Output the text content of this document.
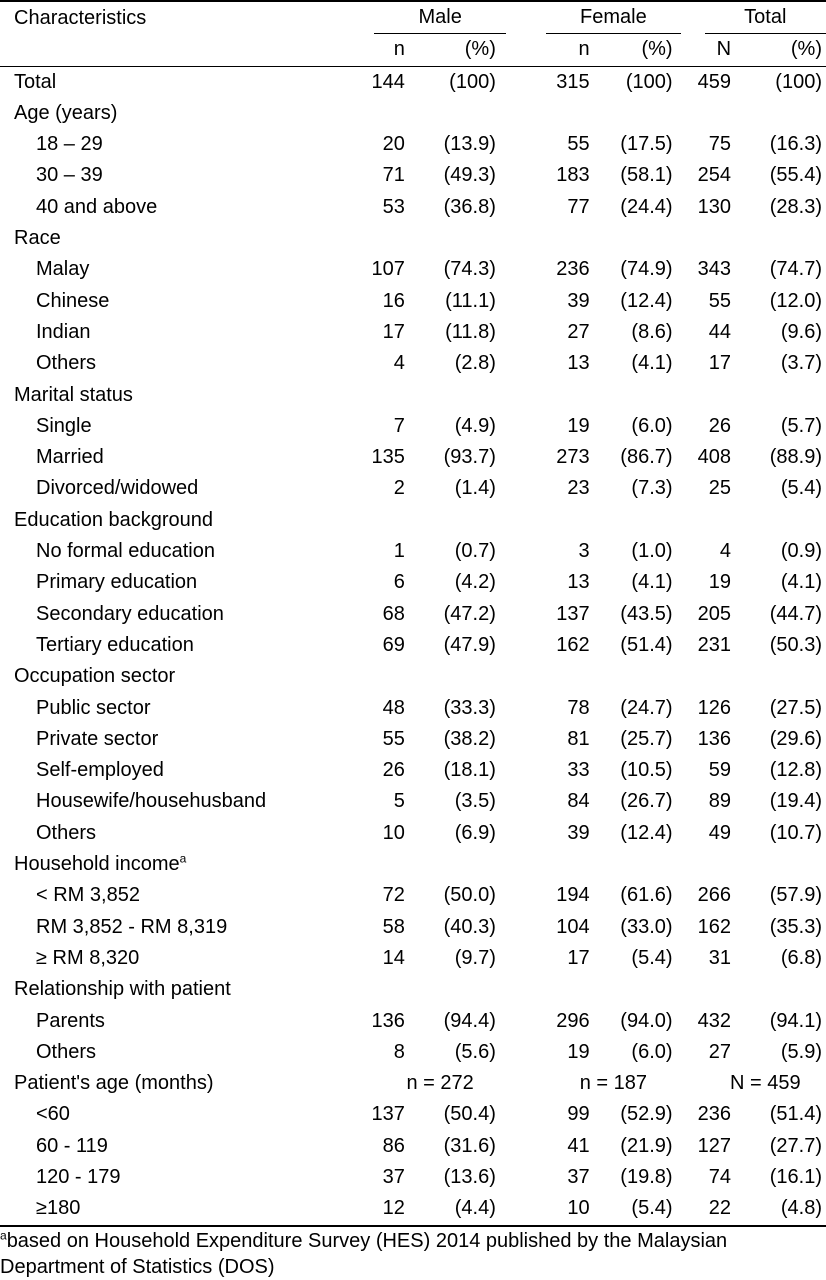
Characteristics	Male			Female		Total	

	n	(%)		n	(%)	N	(%)
Total	144	(100)		315	(100)	459	(100)
Age (years)							
18 – 29	20	(13.9)		55	(17.5)	75	(16.3)
30 – 39	71	(49.3)		183	(58.1)	254	(55.4)
40 and above	53	(36.8)		77	(24.4)	130	(28.3)
Race							
Malay	107	(74.3)		236	(74.9)	343	(74.7)
Chinese	16	(11.1)		39	(12.4)	55	(12.0)
Indian	17	(11.8)		27	(8.6)	44	(9.6)
Others	4	(2.8)		13	(4.1)	17	(3.7)
Marital status							
Single	7	(4.9)		19	(6.0)	26	(5.7)
Married	135	(93.7)		273	(86.7)	408	(88.9)
Divorced/widowed	2	(1.4)		23	(7.3)	25	(5.4)
Education background							
No formal education	1	(0.7)		3	(1.0)	4	(0.9)
Primary education	6	(4.2)		13	(4.1)	19	(4.1)
Secondary education	68	(47.2)		137	(43.5)	205	(44.7)
Tertiary education	69	(47.9)		162	(51.4)	231	(50.3)
Occupation sector							
Public sector	48	(33.3)		78	(24.7)	126	(27.5)
Private sector	55	(38.2)		81	(25.7)	136	(29.6)
Self-employed	26	(18.1)		33	(10.5)	59	(12.8)
Housewife/househusband	5	(3.5)		84	(26.7)	89	(19.4)
Others	10	(6.9)		39	(12.4)	49	(10.7)
Household income$^a$							
< RM 3,852	72	(50.0)		194	(61.6)	266	(57.9)
RM 3,852 - RM 8,319	58	(40.3)		104	(33.0)	162	(35.3)
≥ RM 8,320	14	(9.7)		17	(5.4)	31	(6.8)
Relationship with patient							
Parents	136	(94.4)		296	(94.0)	432	(94.1)
Others	8	(5.6)		19	(6.0)	27	(5.9)
Patient's age (months)	n = 272			n = 187		N = 459	
<60	137	(50.4)		99	(52.9)	236	(51.4)
60 - 119	86	(31.6)		41	(21.9)	127	(27.7)
120 - 179	37	(13.6)		37	(19.8)	74	(16.1)
≥180	12	(4.4)		10	(5.4)	22	(4.8)
$^a$based on Household Expenditure Survey (HES) 2014 published by the Malaysian Department of Statistics (DOS)
